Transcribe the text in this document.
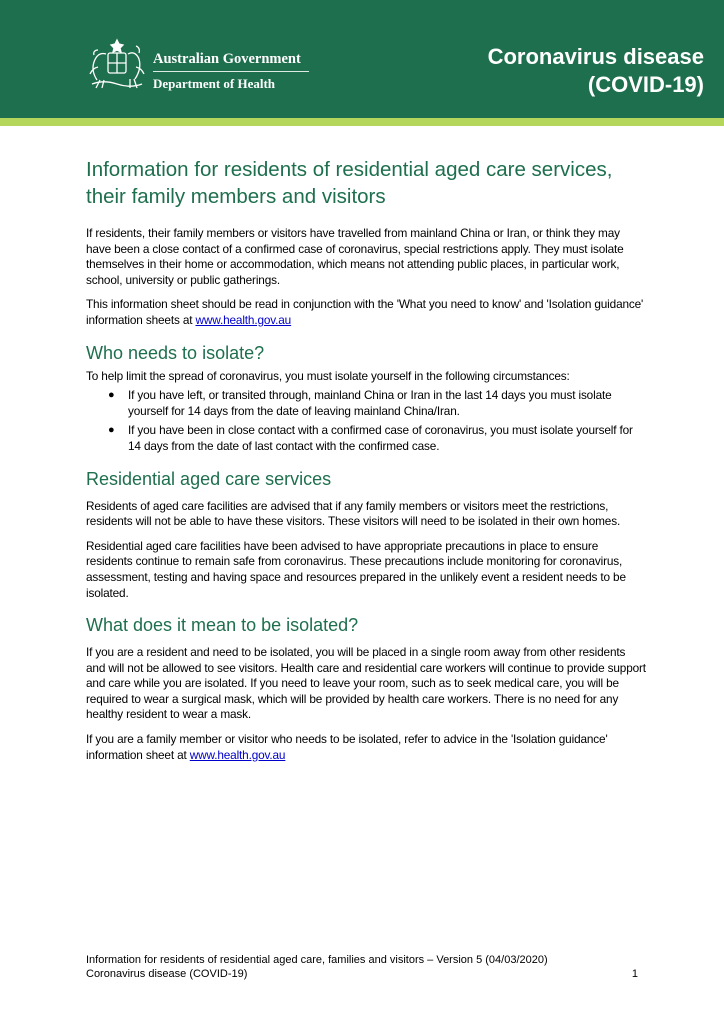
Australian Government
Department of Health
Coronavirus disease
(COVID-19)
Information for residents of residential aged care services, their family members and visitors

If residents, their family members or visitors have travelled from mainland China or Iran, or think they may have been a close contact of a confirmed case of coronavirus, special restrictions apply. They must isolate themselves in their home or accommodation, which means not attending public places, in particular work, school, university or public gatherings.

This information sheet should be read in conjunction with the 'What you need to know' and 'Isolation guidance' information sheets at www.health.gov.au

Who needs to isolate?

To help limit the spread of coronavirus, you must isolate yourself in the following circumstances:

● If you have left, or transited through, mainland China or Iran in the last 14 days you must isolate yourself for 14 days from the date of leaving mainland China/Iran.
● If you have been in close contact with a confirmed case of coronavirus, you must isolate yourself for 14 days from the date of last contact with the confirmed case.
Residential aged care services

Residents of aged care facilities are advised that if any family members or visitors meet the restrictions, residents will not be able to have these visitors. These visitors will need to be isolated in their own homes.

Residential aged care facilities have been advised to have appropriate precautions in place to ensure residents continue to remain safe from coronavirus. These precautions include monitoring for coronavirus, assessment, testing and having space and resources prepared in the unlikely event a resident needs to be isolated.

What does it mean to be isolated?

If you are a resident and need to be isolated, you will be placed in a single room away from other residents and will not be allowed to see visitors. Health care and residential care workers will continue to provide support and care while you are isolated. If you need to leave your room, such as to seek medical care, you will be required to wear a surgical mask, which will be provided by health care workers. There is no need for any healthy resident to wear a mask.

If you are a family member or visitor who needs to be isolated, refer to advice in the 'Isolation guidance' information sheet at www.health.gov.au

Information for residents of residential aged care, families and visitors – Version 5 (04/03/2020)
Coronavirus disease (COVID-19)	1
